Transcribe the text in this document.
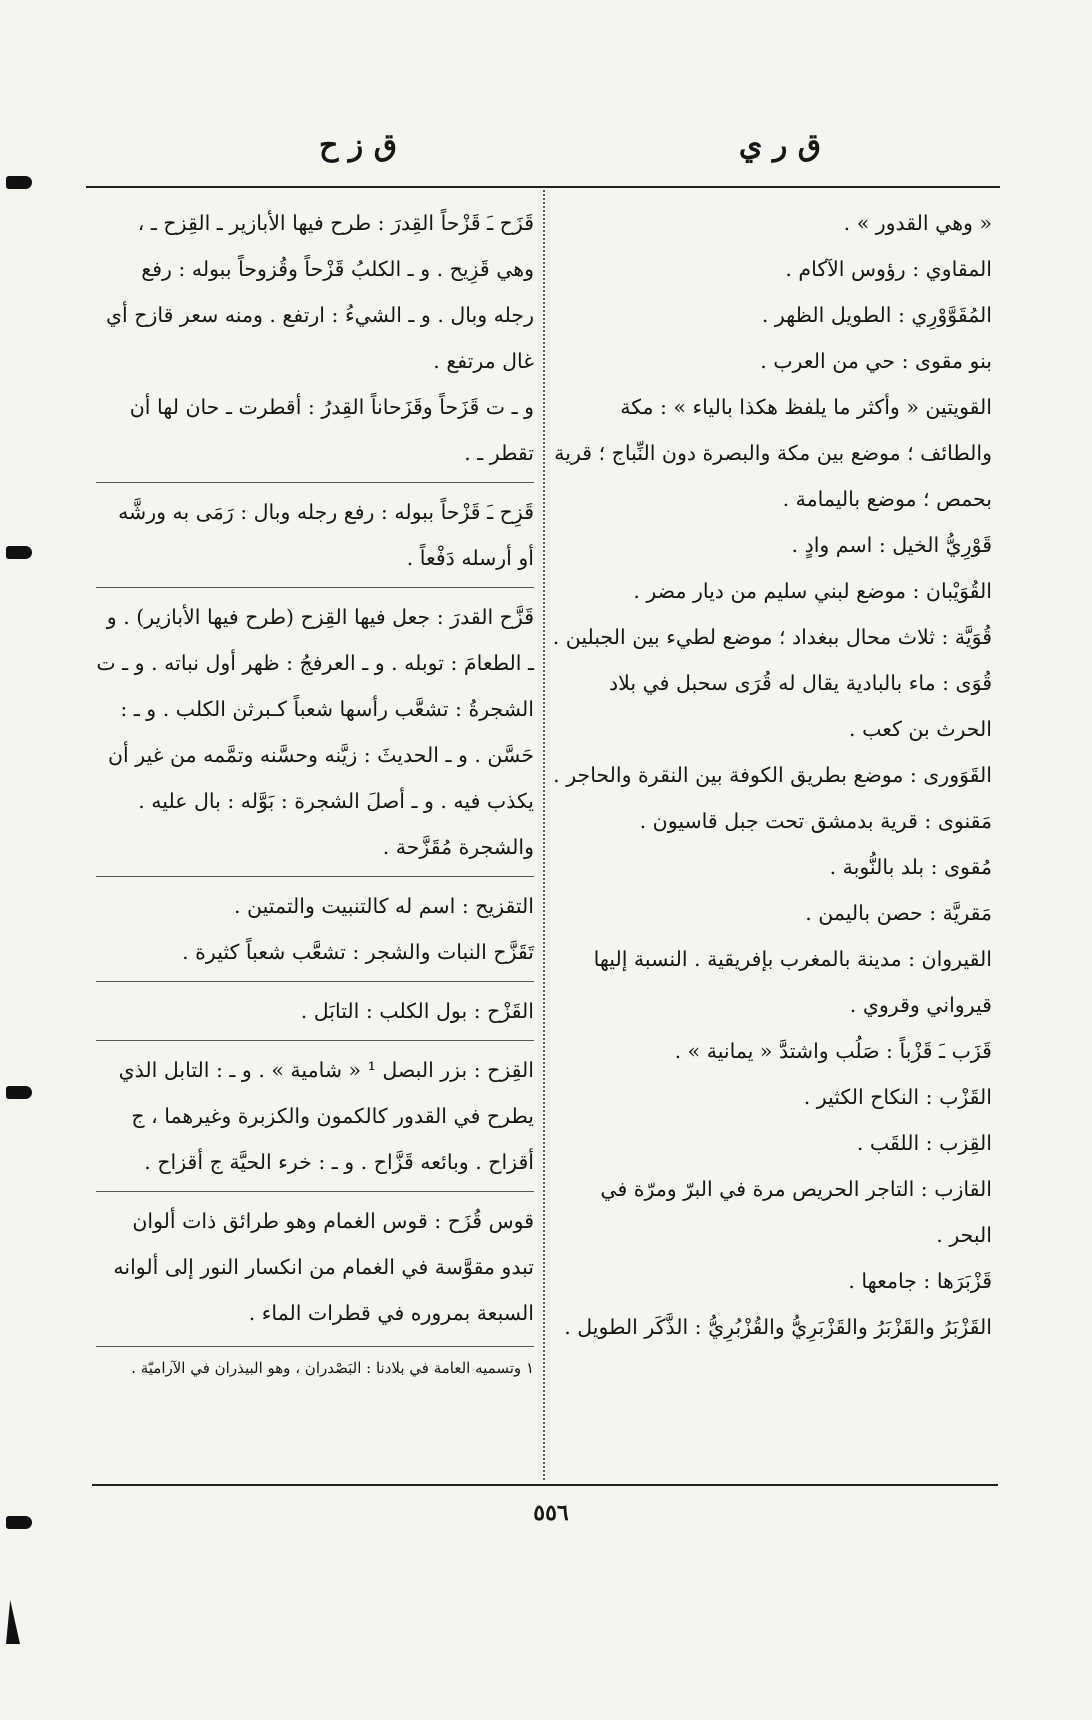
ق ر ي
ق ز ح

« وهي القدور » .

المقاوي : رؤوس الآكام .

المُقَوَّوْرِي : الطويل الظهر .

بنو مقوى : حي من العرب .

القويتين « وأكثر ما يلفظ هكذا بالياء » : مكة والطائف ؛ موضع بين مكة والبصرة دون النِّباج ؛ قرية بحمص ؛ موضع باليمامة .

قَوْرِيُّ الخيل : اسم وادٍ .

القُوَيْبان : موضع لبني سليم من ديار مضر .

قُوَيَّة : ثلاث محال ببغداد ؛ موضع لطيء بين الجبلين .

قُوَى : ماء بالبادية يقال له قُرَى سحبل في بلاد الحرث بن كعب .

القَوَورى : موضع بطريق الكوفة بين النقرة والحاجر .

مَقنوى : قرية بدمشق تحت جبل قاسيون .

مُقوى : بلد بالنُّوبة .

مَقريَّة : حصن باليمن .

القيروان : مدينة بالمغرب بإفريقية . النسبة إليها قيرواني وقروي .

قَزَب ـَ قَزْباً : صَلُب واشتدَّ « يمانية » .

القَزْب : النكاح الكثير .

القِزب : اللقَب .

القازب : التاجر الحريص مرة في البرّ ومرّة في البحر .

قَزْبَرَها : جامعها .

القَزْبَرُ والقَزْبَرُ والقَزْبَرِيُّ والقُزْبُرِيُّ : الذَّكَر الطويل .

قَزَح ـَ قَزْحاً القِدرَ : طرح فيها الأبازير ـ القِزح ـ ، وهي قَزِيح . و ـ الكلبُ قَزْحاً وقُزوحاً ببوله : رفع رجله وبال . و ـ الشيءُ : ارتفع . ومنه سعر قازح أي غال مرتفع .

و ـ ت قَزَحاً وقَزَحاناً القِدرُ : أقطرت ـ حان لها أن تقطر ـ .

قَزِح ـَ قَزْحاً ببوله : رفع رجله وبال : رَمَى به ورشَّه أو أرسله دَفْعاً .

قَزَّح القدرَ : جعل فيها القِزح (طرح فيها الأبازير) . و ـ الطعامَ : توبله . و ـ العرفجُ : ظهر أول نباته . و ـ ت الشجرةُ : تشعَّب رأسها شعباً كـبرثن الكلب . و ـ : حَسَّن . و ـ الحديثَ : زيَّنه وحسَّنه وتمَّمه من غير أن يكذب فيه . و ـ أصلَ الشجرة : بَوَّله : بال عليه . والشجرة مُقَزَّحة .

التقزيح : اسم له كالتنبيت والتمتين .

تَقَزَّح النبات والشجر : تشعَّب شعباً كثيرة .

القَزْح : بول الكلب : التابَل .

القِزح : بزر البصل ¹ « شامية » . و ـ : التابل الذي يطرح في القدور كالكمون والكزبرة وغيرهما ، ج أقزاح . وبائعه قَزَّاح . و ـ : خرء الحيَّة ج أقزاح .

قوس قُزَح : قوس الغمام وهو طرائق ذات ألوان تبدو مقوَّسة في الغمام من انكسار النور إلى ألوانه السبعة بمروره في قطرات الماء .

١ وتسميه العامة في بلادنا : البَصْدران ، وهو البيذران في الآراميّة .
٥٥٦
